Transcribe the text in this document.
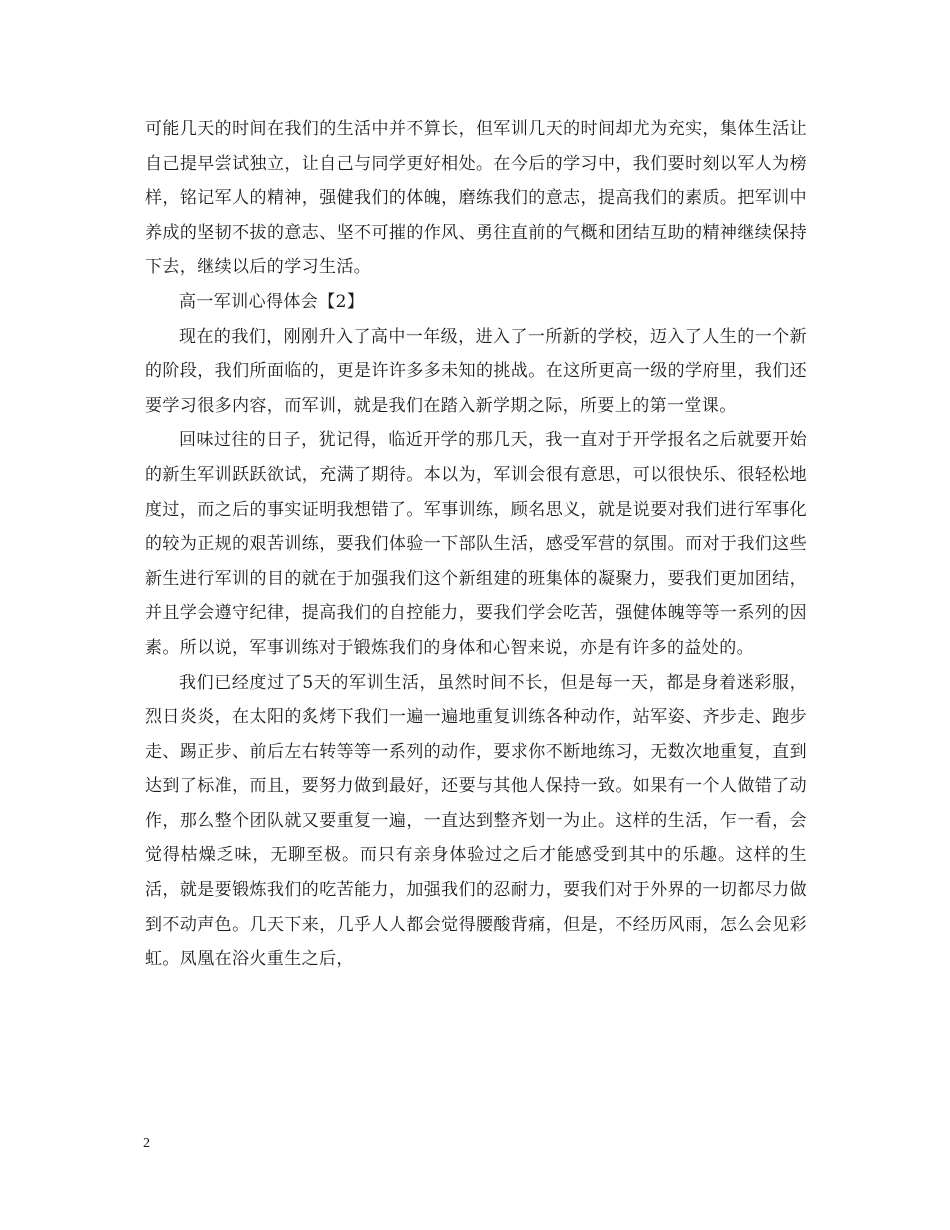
可能几天的时间在我们的生活中并不算长，但军训几天的时间却尤为充实，集体生活让自己提早尝试独立，让自己与同学更好相处。在今后的学习中，我们要时刻以军人为榜样，铭记军人的精神，强健我们的体魄，磨练我们的意志，提高我们的素质。把军训中养成的坚韧不拔的意志、坚不可摧的作风、勇往直前的气概和团结互助的精神继续保持下去，继续以后的学习生活。

高一军训心得体会【2】

现在的我们，刚刚升入了高中一年级，进入了一所新的学校，迈入了人生的一个新的阶段，我们所面临的，更是许许多多未知的挑战。在这所更高一级的学府里，我们还要学习很多内容，而军训，就是我们在踏入新学期之际，所要上的第一堂课。

回味过往的日子，犹记得，临近开学的那几天，我一直对于开学报名之后就要开始的新生军训跃跃欲试，充满了期待。本以为，军训会很有意思，可以很快乐、很轻松地度过，而之后的事实证明我想错了。军事训练，顾名思义，就是说要对我们进行军事化的较为正规的艰苦训练，要我们体验一下部队生活，感受军营的氛围。而对于我们这些新生进行军训的目的就在于加强我们这个新组建的班集体的凝聚力，要我们更加团结，并且学会遵守纪律，提高我们的自控能力，要我们学会吃苦，强健体魄等等一系列的因素。所以说，军事训练对于锻炼我们的身体和心智来说，亦是有许多的益处的。

我们已经度过了5天的军训生活，虽然时间不长，但是每一天，都是身着迷彩服，烈日炎炎，在太阳的炙烤下我们一遍一遍地重复训练各种动作，站军姿、齐步走、跑步走、踢正步、前后左右转等等一系列的动作，要求你不断地练习，无数次地重复，直到达到了标准，而且，要努力做到最好，还要与其他人保持一致。如果有一个人做错了动作，那么整个团队就又要重复一遍，一直达到整齐划一为止。这样的生活，乍一看，会觉得枯燥乏味，无聊至极。而只有亲身体验过之后才能感受到其中的乐趣。这样的生活，就是要锻炼我们的吃苦能力，加强我们的忍耐力，要我们对于外界的一切都尽力做到不动声色。几天下来，几乎人人都会觉得腰酸背痛，但是，不经历风雨，怎么会见彩虹。凤凰在浴火重生之后，

2
